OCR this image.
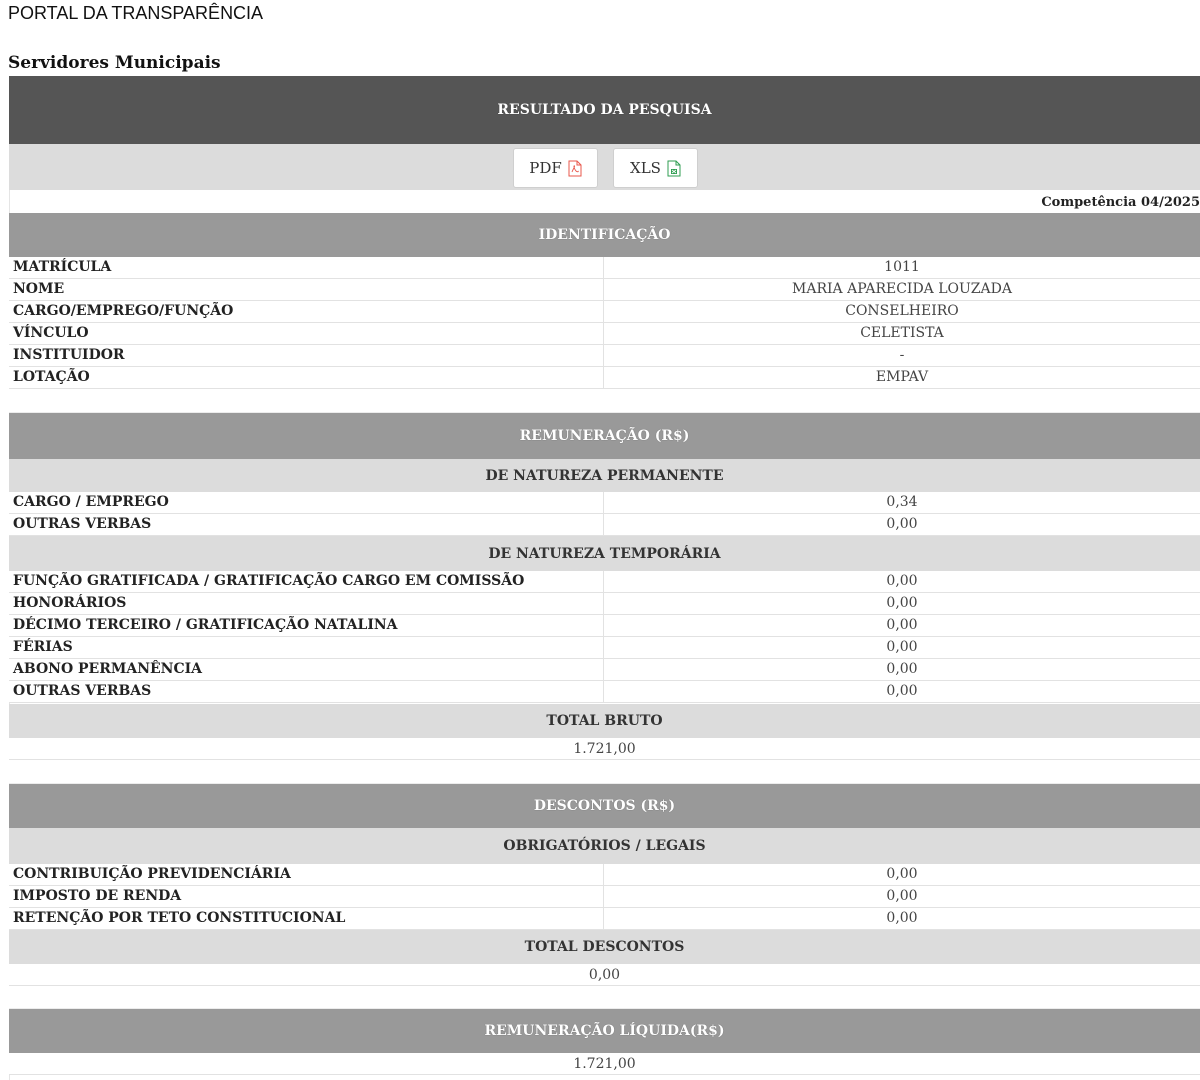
PORTAL DA TRANSPARÊNCIA
Servidores Municipais
RESULTADO DA PESQUISA
PDF	XLS
Competência 04/2025
IDENTIFICAÇÃO
MATRÍCULA	1011
NOME	MARIA APARECIDA LOUZADA
CARGO/EMPREGO/FUNÇÃO	CONSELHEIRO
VÍNCULO	CELETISTA
INSTITUIDOR	-
LOTAÇÃO	EMPAV
REMUNERAÇÃO (R$)
DE NATUREZA PERMANENTE
CARGO / EMPREGO	0,34
OUTRAS VERBAS	0,00
DE NATUREZA TEMPORÁRIA
FUNÇÃO GRATIFICADA / GRATIFICAÇÃO CARGO EM COMISSÃO	0,00
HONORÁRIOS	0,00
DÉCIMO TERCEIRO / GRATIFICAÇÃO NATALINA	0,00
FÉRIAS	0,00
ABONO PERMANÊNCIA	0,00
OUTRAS VERBAS	0,00
TOTAL BRUTO
1.721,00
DESCONTOS (R$)
OBRIGATÓRIOS / LEGAIS
CONTRIBUIÇÃO PREVIDENCIÁRIA	0,00
IMPOSTO DE RENDA	0,00
RETENÇÃO POR TETO CONSTITUCIONAL	0,00
TOTAL DESCONTOS
0,00
REMUNERAÇÃO LÍQUIDA(R$)
1.721,00
